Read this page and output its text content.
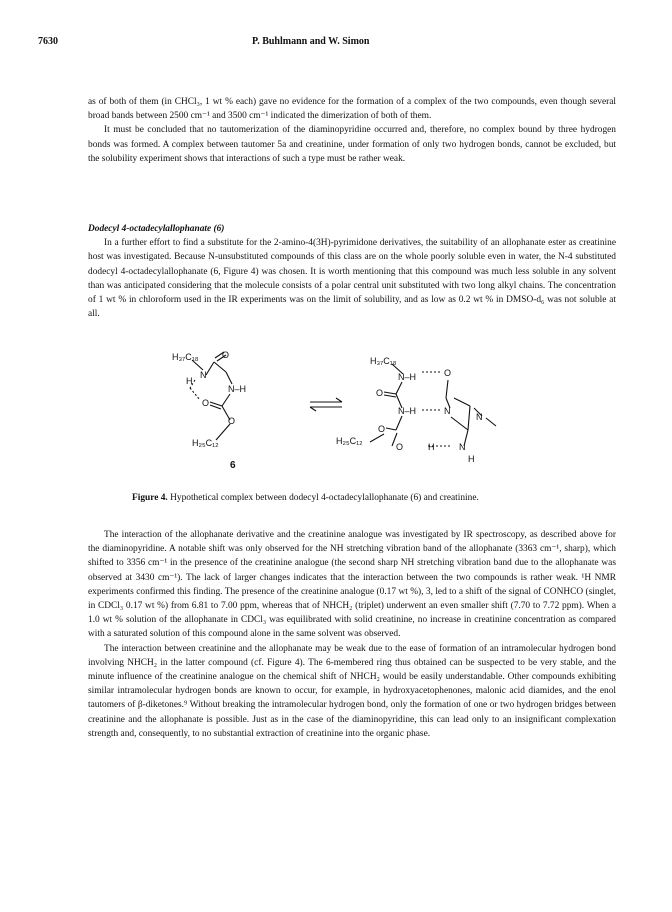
7630	P. Buhlmann and W. Simon

as of both of them (in CHCl₃, 1 wt % each) gave no evidence for the formation of a complex of the two compounds, even though several broad bands between 2500 cm⁻¹ and 3500 cm⁻¹ indicated the dimerization of both of them.

It must be concluded that no tautomerization of the diaminopyridine occurred and, therefore, no complex bound by three hydrogen bonds was formed. A complex between tautomer 5a and creatinine, under formation of only two hydrogen bonds, cannot be excluded, but the solubility experiment shows that interactions of such a type must be rather weak.

Dodecyl 4-octadecylallophanate (6)

In a further effort to find a substitute for the 2-amino-4(3H)-pyrimidone derivatives, the suitability of an allophanate ester as creatinine host was investigated. Because N-unsubstituted compounds of this class are on the whole poorly soluble even in water, the N-4 substituted dodecyl 4-octadecylallophanate (6, Figure 4) was chosen. It is worth mentioning that this compound was much less soluble in any solvent than was anticipated considering that the molecule consists of a polar central unit substituted with two long alkyl chains. The concentration of 1 wt % in chloroform used in the IR experiments was on the limit of solubility, and as low as 0.2 wt % in DMSO-d₆ was not soluble at all.

H₃₇C₁₈	O
N
H
N–H
O
O
H₂₅C₁₂
6
H₃₇C₁₈
N–H	O
O
N–H	N
N
O
O	H	N
H
H₂₅C₁₂
Figure 4. Hypothetical complex between dodecyl 4-octadecylallophanate (6) and creatinine.

The interaction of the allophanate derivative and the creatinine analogue was investigated by IR spectroscopy, as described above for the diaminopyridine. A notable shift was only observed for the NH stretching vibration band of the allophanate (3363 cm⁻¹, sharp), which shifted to 3356 cm⁻¹ in the presence of the creatinine analogue (the second sharp NH stretching vibration band due to the allophanate was observed at 3430 cm⁻¹). The lack of larger changes indicates that the interaction between the two compounds is rather weak. ¹H NMR experiments confirmed this finding. The presence of the creatinine analogue (0.17 wt %), 3, led to a shift of the signal of CONHCO (singlet, in CDCl₃ 0.17 wt %) from 6.81 to 7.00 ppm, whereas that of NHCH₂ (triplet) underwent an even smaller shift (7.70 to 7.72 ppm). When a 1.0 wt % solution of the allophanate in CDCl₃ was equilibrated with solid creatinine, no increase in creatinine concentration as compared with a saturated solution of this compound alone in the same solvent was observed.

The interaction between creatinine and the allophanate may be weak due to the ease of formation of an intramolecular hydrogen bond involving NHCH₂ in the latter compound (cf. Figure 4). The 6-membered ring thus obtained can be suspected to be very stable, and the minute influence of the creatinine analogue on the chemical shift of NHCH₂ would be easily understandable. Other compounds exhibiting similar intramolecular hydrogen bonds are known to occur, for example, in hydroxyacetophenones, malonic acid diamides, and the enol tautomers of β-diketones.⁹ Without breaking the intramolecular hydrogen bond, only the formation of one or two hydrogen bridges between creatinine and the allophanate is possible. Just as in the case of the diaminopyridine, this can lead only to an insignificant complexation strength and, consequently, to no substantial extraction of creatinine into the organic phase.
